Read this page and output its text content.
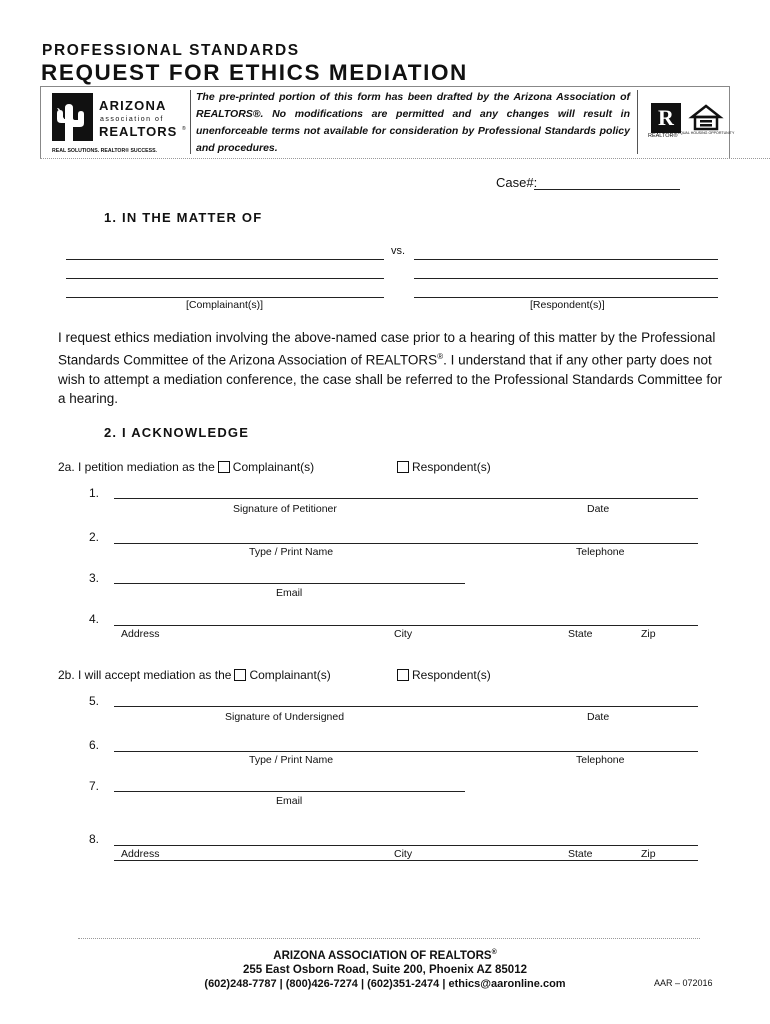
PROFESSIONAL STANDARDS
REQUEST FOR ETHICS MEDIATION
ARIZONA
association of
REALTORS ®
REAL SOLUTIONS. REALTOR® SUCCESS.
The pre-printed portion of this form has been drafted by the Arizona Association of REALTORS®. No modifications are permitted and any changes will result in unenforceable terms not available for consideration by Professional Standards policy and procedures.
R
REALTOR® EQUAL HOUSING OPPORTUNITY
Case#:
1. IN THE MATTER OF
vs.
[Complainant(s)]	[Respondent(s)]
I request ethics mediation involving the above-named case prior to a hearing of this matter by the Professional Standards Committee of the Arizona Association of REALTORS®. I understand that if any other party does not wish to attempt a mediation conference, the case shall be referred to the Professional Standards Committee for a hearing.
2. I ACKNOWLEDGE
2a. I petition mediation as the Complainant(s)	Respondent(s)
1.
Signature of Petitioner	Date
2.
Type / Print Name	Telephone
3.
Email
4.
Address	City	State	Zip
2b. I will accept mediation as the Complainant(s)	Respondent(s)
5.
Signature of Undersigned	Date
6.
Type / Print Name	Telephone
7.
Email
8.
Address	City	State	Zip
ARIZONA ASSOCIATION OF REALTORS®
255 East Osborn Road, Suite 200, Phoenix AZ 85012
(602)248-7787 | (800)426-7274 | (602)351-2474 | ethics@aaronline.com	AAR – 072016
